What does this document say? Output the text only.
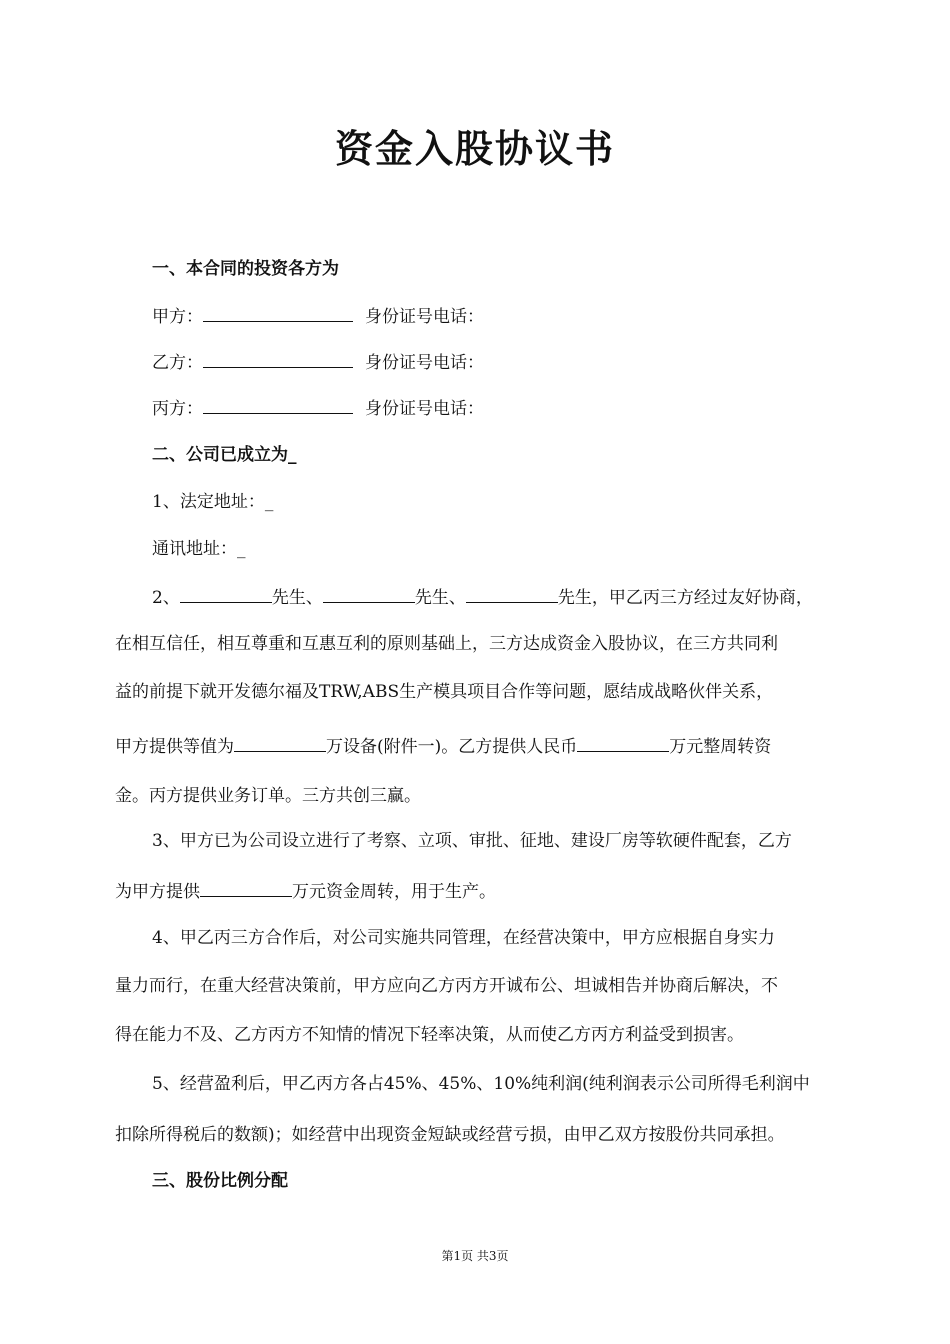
资金入股协议书
一、本合同的投资各方为
甲方：	身份证号电话：
乙方：	身份证号电话：
丙方：	身份证号电话：
二、公司已成立为_
1、法定地址：_
通讯地址：_
2、	先生、	先生、	先生，甲乙丙三方经过友好协商，
在相互信任，相互尊重和互惠互利的原则基础上，三方达成资金入股协议，在三方共同利
益的前提下就开发德尔福及TRW,ABS生产模具项目合作等问题，愿结成战略伙伴关系，
甲方提供等值为	万设备(附件一)。乙方提供人民币	万元整周转资
金。丙方提供业务订单。三方共创三赢。
3、甲方已为公司设立进行了考察、立项、审批、征地、建设厂房等软硬件配套，乙方
为甲方提供	万元资金周转，用于生产。
4、甲乙丙三方合作后，对公司实施共同管理，在经营决策中，甲方应根据自身实力
量力而行，在重大经营决策前，甲方应向乙方丙方开诚布公、坦诚相告并协商后解决，不
得在能力不及、乙方丙方不知情的情况下轻率决策，从而使乙方丙方利益受到损害。
5、经营盈利后，甲乙丙方各占45%、45%、10%纯利润(纯利润表示公司所得毛利润中
扣除所得税后的数额)；如经营中出现资金短缺或经营亏损，由甲乙双方按股份共同承担。
三、股份比例分配
第1页 共3页
